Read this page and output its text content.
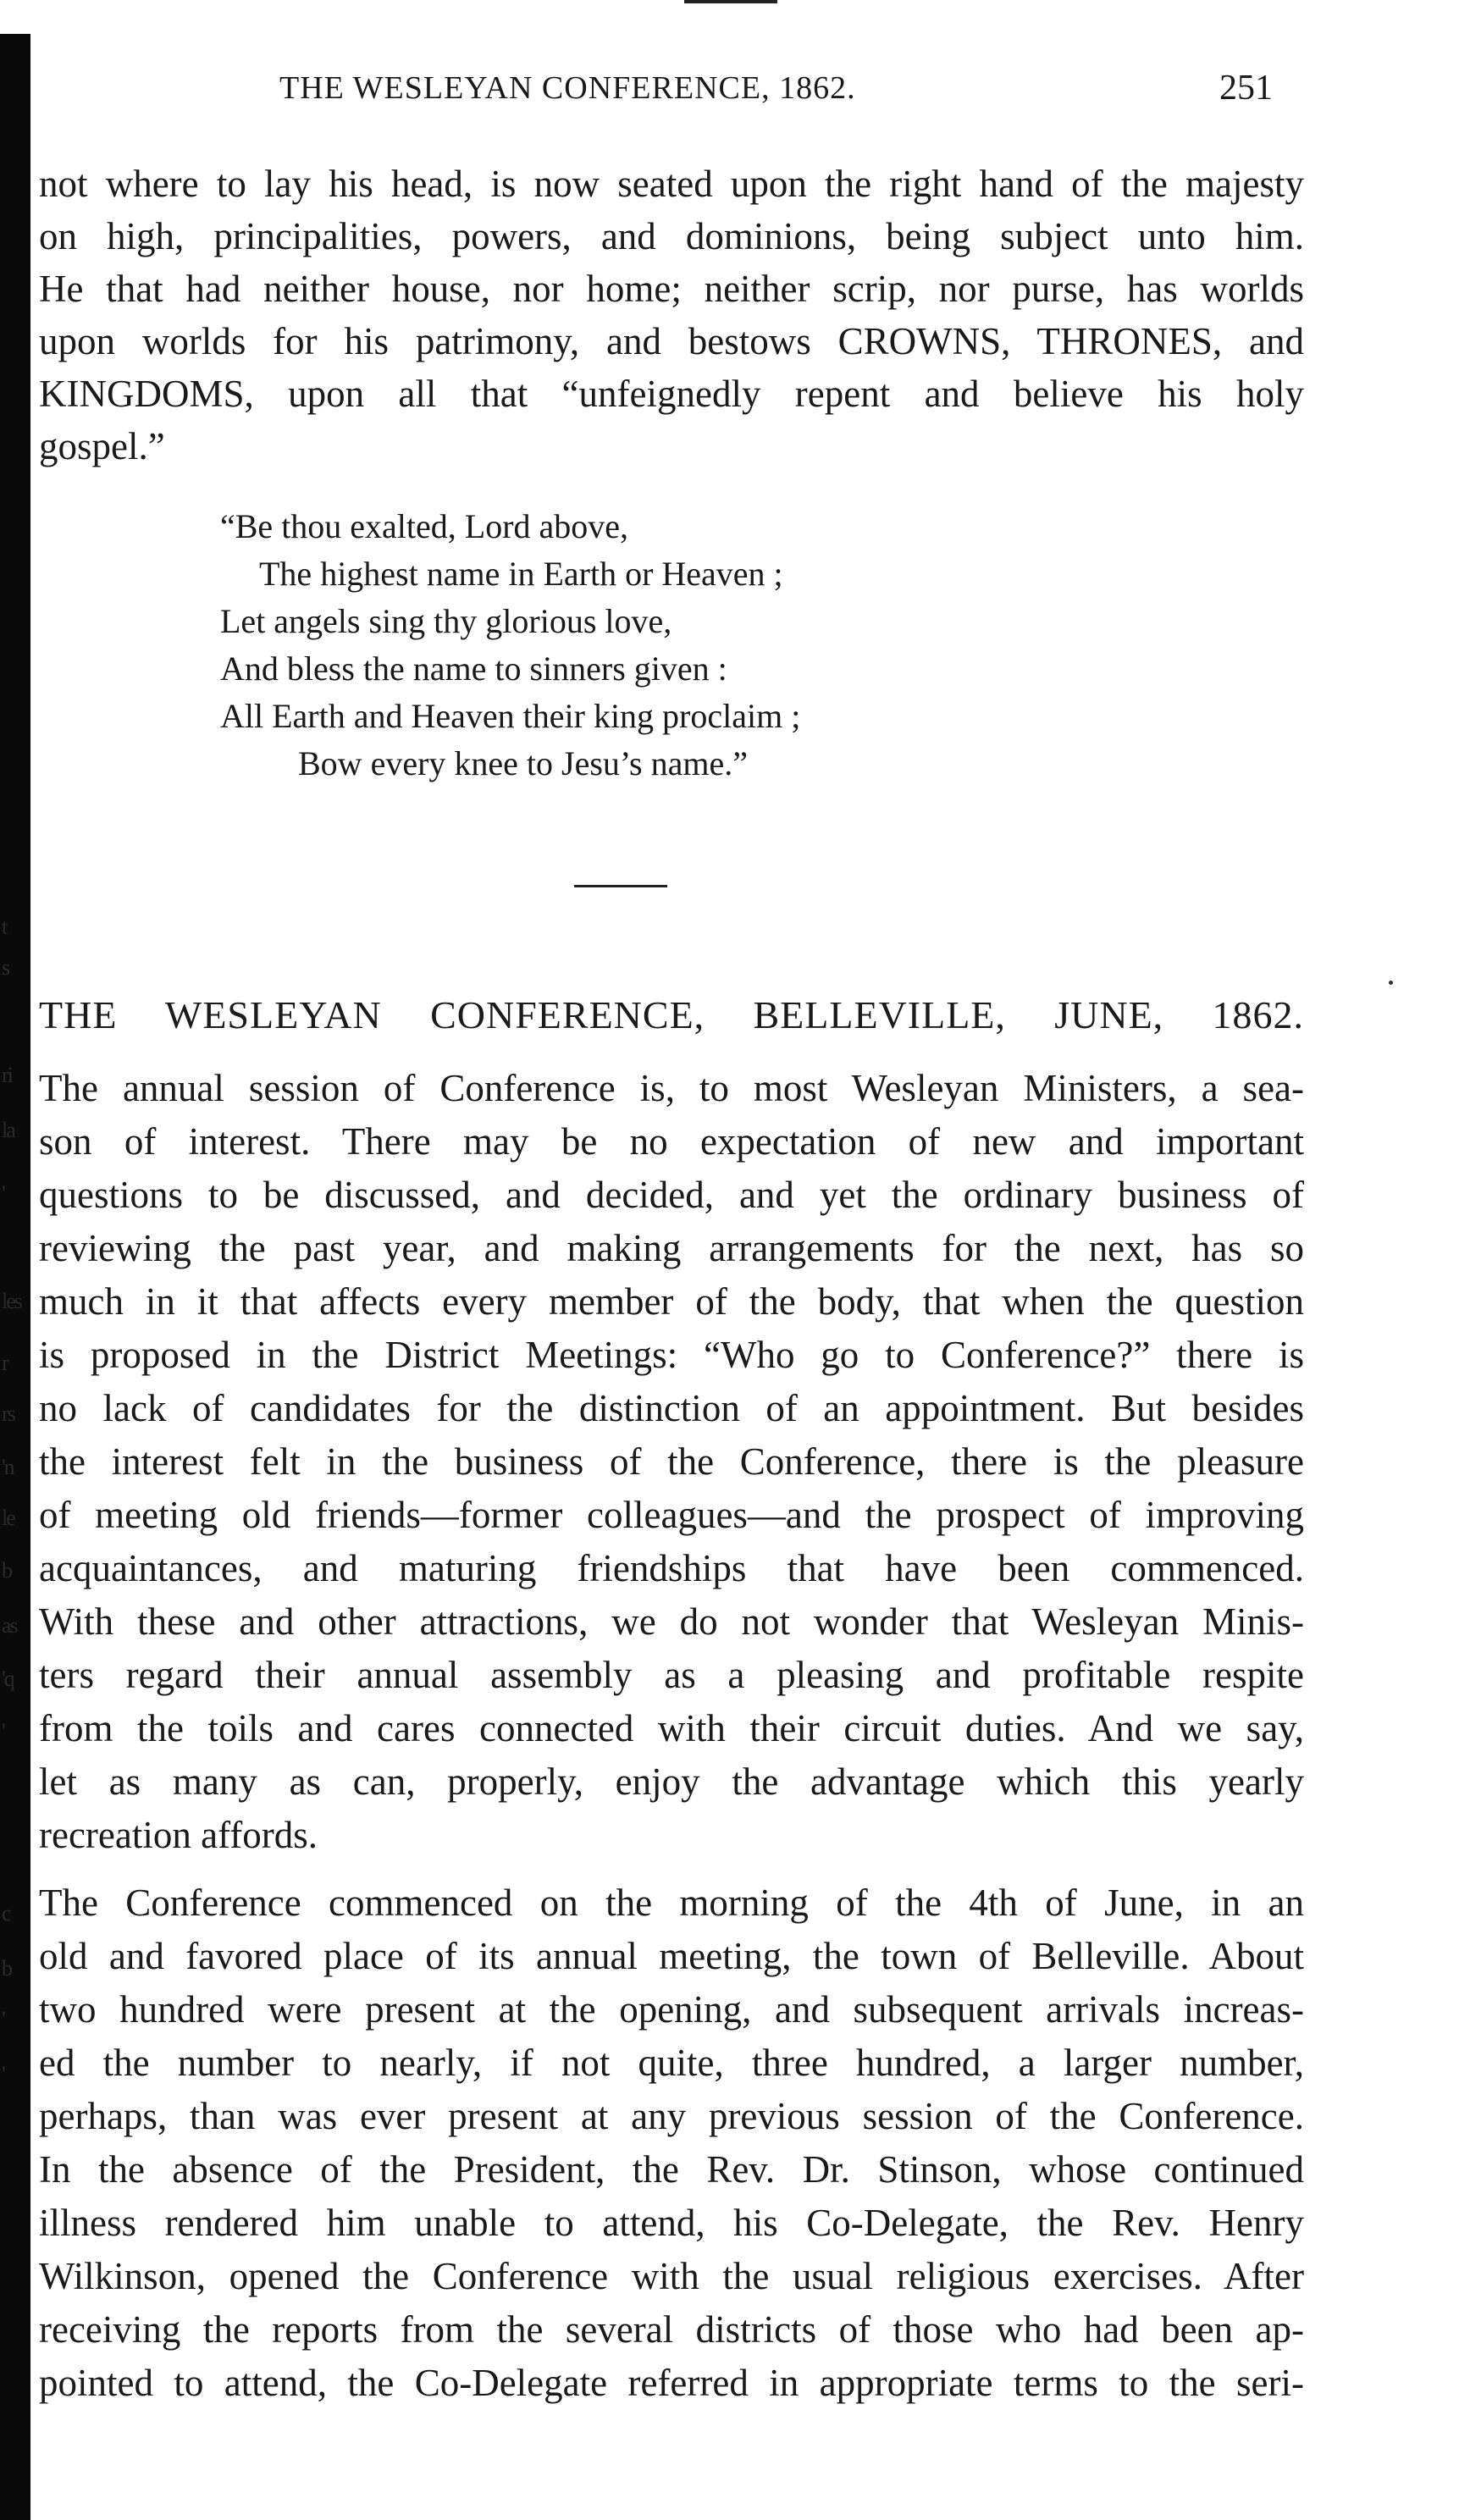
t
s
ri
la
'
les
r
rs
'n
le
b
as
'q
'
c
b
'
'
THE WESLEYAN CONFERENCE, 1862.	251
not where to lay his head, is now seated upon the right hand of the majesty
on high, principalities, powers, and dominions, being subject unto him.
He that had neither house, nor home; neither scrip, nor purse, has worlds
upon worlds for his patrimony, and bestows CROWNS, THRONES, and
KINGDOMS, upon all that “unfeignedly repent and believe his holy
gospel.”
“Be thou exalted, Lord above,
The highest name in Earth or Heaven ;
Let angels sing thy glorious love,
And bless the name to sinners given :
All Earth and Heaven their king proclaim ;
Bow every knee to Jesu’s name.”
THE WESLEYAN CONFERENCE, BELLEVILLE, JUNE, 1862.
The annual session of Conference is, to most Wesleyan Ministers, a sea-
son of interest. There may be no expectation of new and important
questions to be discussed, and decided, and yet the ordinary business of
reviewing the past year, and making arrangements for the next, has so
much in it that affects every member of the body, that when the question
is proposed in the District Meetings: “Who go to Conference?” there is
no lack of candidates for the distinction of an appointment. But besides
the interest felt in the business of the Conference, there is the pleasure
of meeting old friends—former colleagues—and the prospect of improving
acquaintances, and maturing friendships that have been commenced.
With these and other attractions, we do not wonder that Wesleyan Minis-
ters regard their annual assembly as a pleasing and profitable respite
from the toils and cares connected with their circuit duties. And we say,
let as many as can, properly, enjoy the advantage which this yearly
recreation affords.
The Conference commenced on the morning of the 4th of June, in an
old and favored place of its annual meeting, the town of Belleville. About
two hundred were present at the opening, and subsequent arrivals increas-
ed the number to nearly, if not quite, three hundred, a larger number,
perhaps, than was ever present at any previous session of the Conference.
In the absence of the President, the Rev. Dr. Stinson, whose continued
illness rendered him unable to attend, his Co-Delegate, the Rev. Henry
Wilkinson, opened the Conference with the usual religious exercises. After
receiving the reports from the several districts of those who had been ap-
pointed to attend, the Co-Delegate referred in appropriate terms to the seri-
